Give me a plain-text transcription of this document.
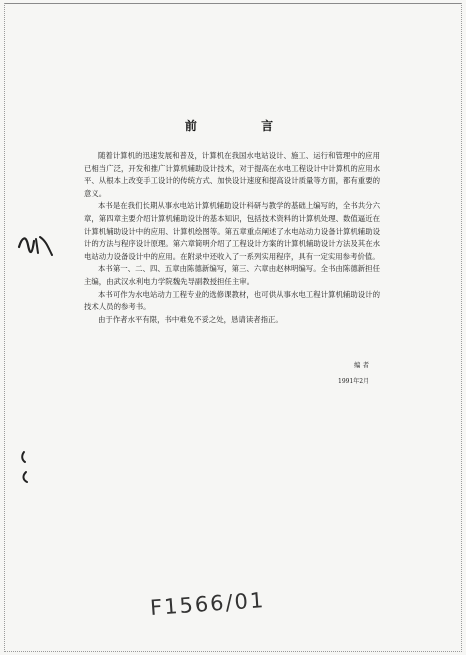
前 言

随着计算机的迅速发展和普及，计算机在我国水电站设计、施工、运行和管理中的应用已相当广泛，开发和推广计算机辅助设计技术，对于提高在水电工程设计中计算机的应用水平、从根本上改变手工设计的传统方式、加快设计速度和提高设计质量等方面，都有重要的意义。

本书是在我们长期从事水电站计算机辅助设计科研与教学的基础上编写的，全书共分六章，第四章主要介绍计算机辅助设计的基本知识，包括技术资料的计算机处理、数值逼近在计算机辅助设计中的应用、计算机绘图等。第五章重点阐述了水电站动力设备计算机辅助设计的方法与程序设计原理。第六章简明介绍了工程设计方案的计算机辅助设计方法及其在水电站动力设备设计中的应用。在附录中还收入了一系列实用程序，具有一定实用参考价值。

本书第一、二、四、五章由陈德新编写，第三、六章由赵林明编写。全书由陈德新担任主编，由武汉水利电力学院魏先导副教授担任主审。

本书可作为水电站动力工程专业的选修课教材，也可供从事水电工程计算机辅助设计的技术人员的参考书。

由于作者水平有限，书中难免不妥之处，恳请读者指正。

编 者
1991年2月
F1566/01
